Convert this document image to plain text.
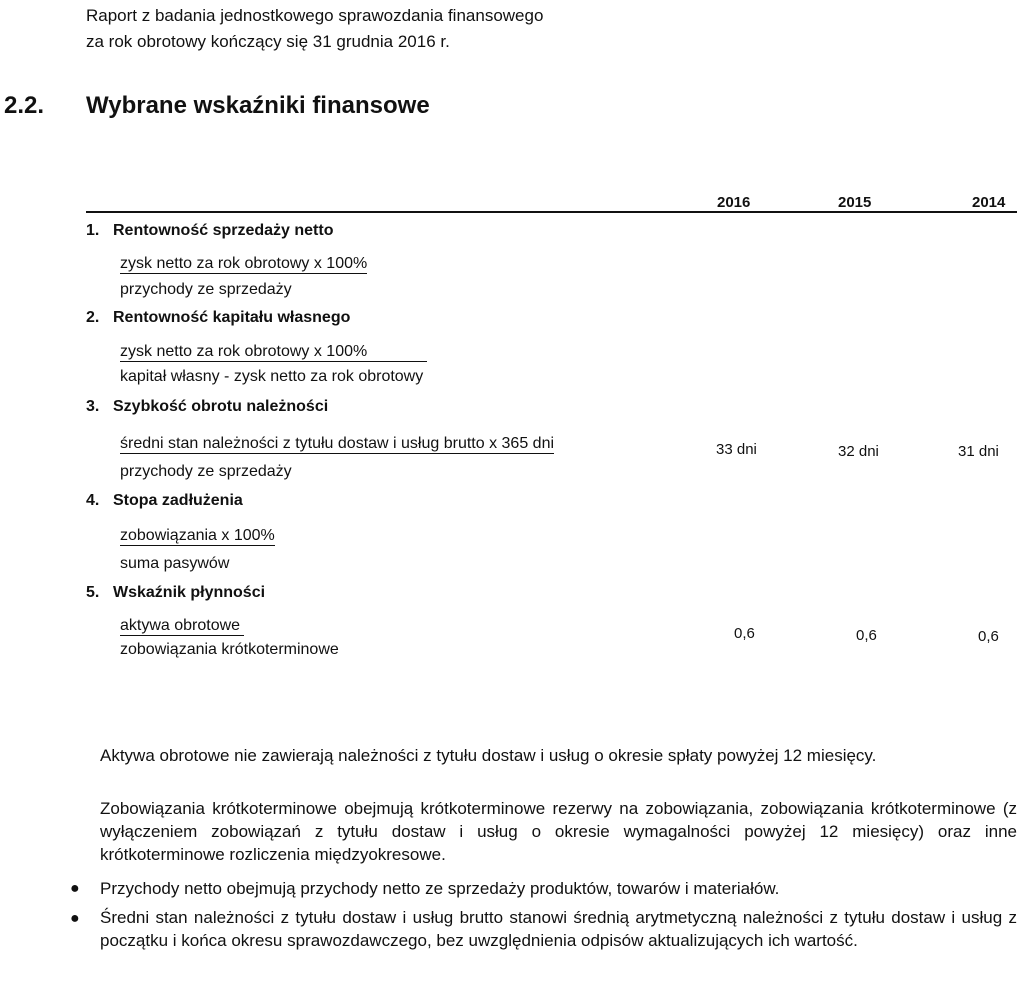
Raport z badania jednostkowego sprawozdania finansowego
za rok obrotowy kończący się 31 grudnia 2016 r.
2.2. Wybrane wskaźniki finansowe
2016	2015	2014
1. Rentowność sprzedaży netto
zysk netto za rok obrotowy x 100%
przychody ze sprzedaży
2. Rentowność kapitału własnego
zysk netto za rok obrotowy x 100%
kapitał własny - zysk netto za rok obrotowy
3. Szybkość obrotu należności
średni stan należności z tytułu dostaw i usług brutto x 365 dni
przychody ze sprzedaży
33 dni	32 dni	31 dni
4. Stopa zadłużenia
zobowiązania x 100%
suma pasywów
5. Wskaźnik płynności
aktywa obrotowe
zobowiązania krótkoterminowe
0,6	0,6	0,6
Aktywa obrotowe nie zawierają należności z tytułu dostaw i usług o okresie spłaty powyżej 12 miesięcy.
Zobowiązania krótkoterminowe obejmują krótkoterminowe rezerwy na zobowiązania, zobowiązania krótkoterminowe (z wyłączeniem zobowiązań z tytułu dostaw i usług o okresie wymagalności powyżej 12 miesięcy) oraz inne krótkoterminowe rozliczenia międzyokresowe.
● Przychody netto obejmują przychody netto ze sprzedaży produktów, towarów i materiałów.
● Średni stan należności z tytułu dostaw i usług brutto stanowi średnią arytmetyczną należności z tytułu dostaw i usług z początku i końca okresu sprawozdawczego, bez uwzględnienia odpisów aktualizujących ich wartość.
